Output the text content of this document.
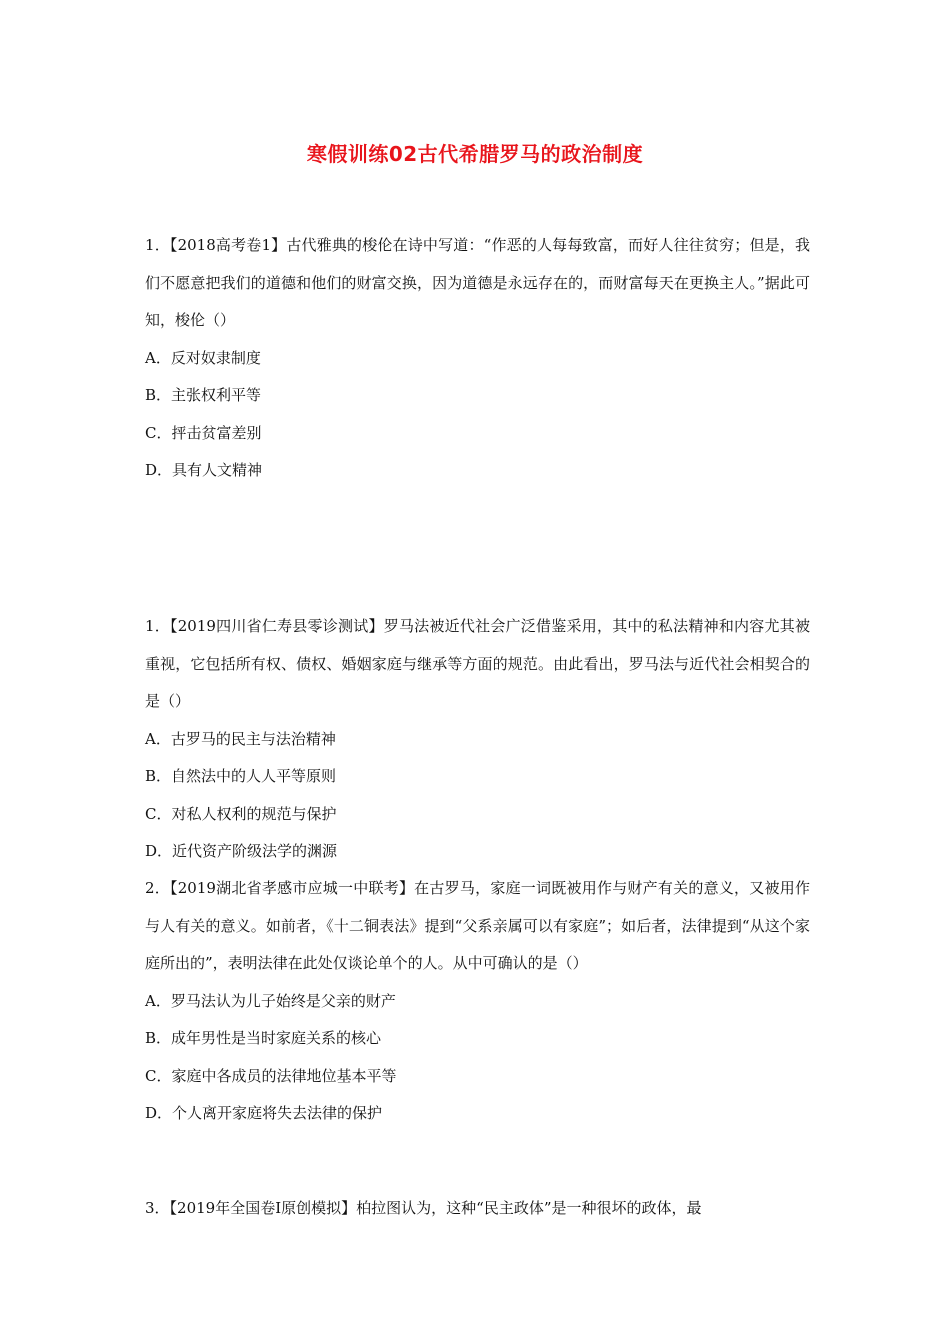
寒假训练02古代希腊罗马的政治制度

1．【2018高考卷1】古代雅典的梭伦在诗中写道：“作恶的人每每致富，而好人往往贫穷；但是，我们不愿意把我们的道德和他们的财富交换，因为道德是永远存在的，而财富每天在更换主人。”据此可知，梭伦（）

A．反对奴隶制度

B．主张权利平等

C．抨击贫富差别

D．具有人文精神

1．【2019四川省仁寿县零诊测试】罗马法被近代社会广泛借鉴采用，其中的私法精神和内容尤其被重视，它包括所有权、债权、婚姻家庭与继承等方面的规范。由此看出，罗马法与近代社会相契合的是（）

A．古罗马的民主与法治精神

B．自然法中的人人平等原则

C．对私人权利的规范与保护

D．近代资产阶级法学的渊源

2．【2019湖北省孝感市应城一中联考】在古罗马，家庭一词既被用作与财产有关的意义，又被用作与人有关的意义。如前者，《十二铜表法》提到“父系亲属可以有家庭”；如后者，法律提到“从这个家庭所出的”，表明法律在此处仅谈论单个的人。从中可确认的是（）

A．罗马法认为儿子始终是父亲的财产

B．成年男性是当时家庭关系的核心

C．家庭中各成员的法律地位基本平等

D．个人离开家庭将失去法律的保护

3．【2019年全国卷Ⅰ原创模拟】柏拉图认为，这种“民主政体”是一种很坏的政体，最
